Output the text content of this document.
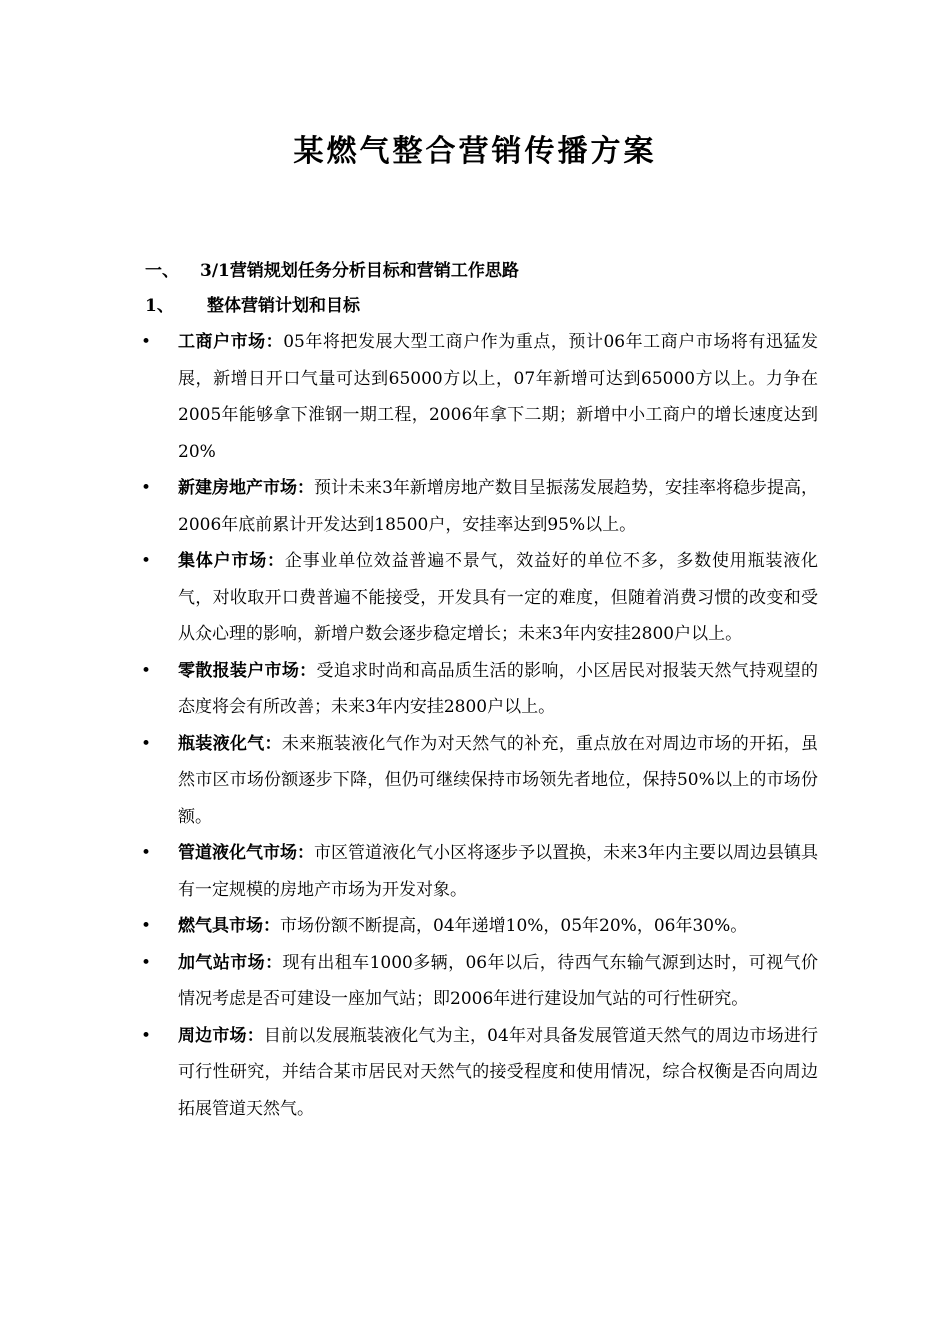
某燃气整合营销传播方案
一、 3/1营销规划任务分析目标和营销工作思路
1、 整体营销计划和目标
• 工商户市场：05年将把发展大型工商户作为重点，预计06年工商户市场将有迅猛发展，新增日开口气量可达到65000方以上，07年新增可达到65000方以上。力争在2005年能够拿下淮钢一期工程，2006年拿下二期；新增中小工商户的增长速度达到20%
• 新建房地产市场：预计未来3年新增房地产数目呈振荡发展趋势，安挂率将稳步提高，2006年底前累计开发达到18500户，安挂率达到95%以上。
• 集体户市场：企事业单位效益普遍不景气，效益好的单位不多，多数使用瓶装液化气，对收取开口费普遍不能接受，开发具有一定的难度，但随着消费习惯的改变和受从众心理的影响，新增户数会逐步稳定增长；未来3年内安挂2800户以上。
• 零散报装户市场：受追求时尚和高品质生活的影响，小区居民对报装天然气持观望的态度将会有所改善；未来3年内安挂2800户以上。
• 瓶装液化气：未来瓶装液化气作为对天然气的补充，重点放在对周边市场的开拓，虽然市区市场份额逐步下降，但仍可继续保持市场领先者地位，保持50%以上的市场份额。
• 管道液化气市场：市区管道液化气小区将逐步予以置换，未来3年内主要以周边县镇具有一定规模的房地产市场为开发对象。
• 燃气具市场：市场份额不断提高，04年递增10%，05年20%，06年30%。
• 加气站市场：现有出租车1000多辆，06年以后，待西气东输气源到达时，可视气价情况考虑是否可建设一座加气站；即2006年进行建设加气站的可行性研究。
• 周边市场：目前以发展瓶装液化气为主，04年对具备发展管道天然气的周边市场进行可行性研究，并结合某市居民对天然气的接受程度和使用情况，综合权衡是否向周边拓展管道天然气。
